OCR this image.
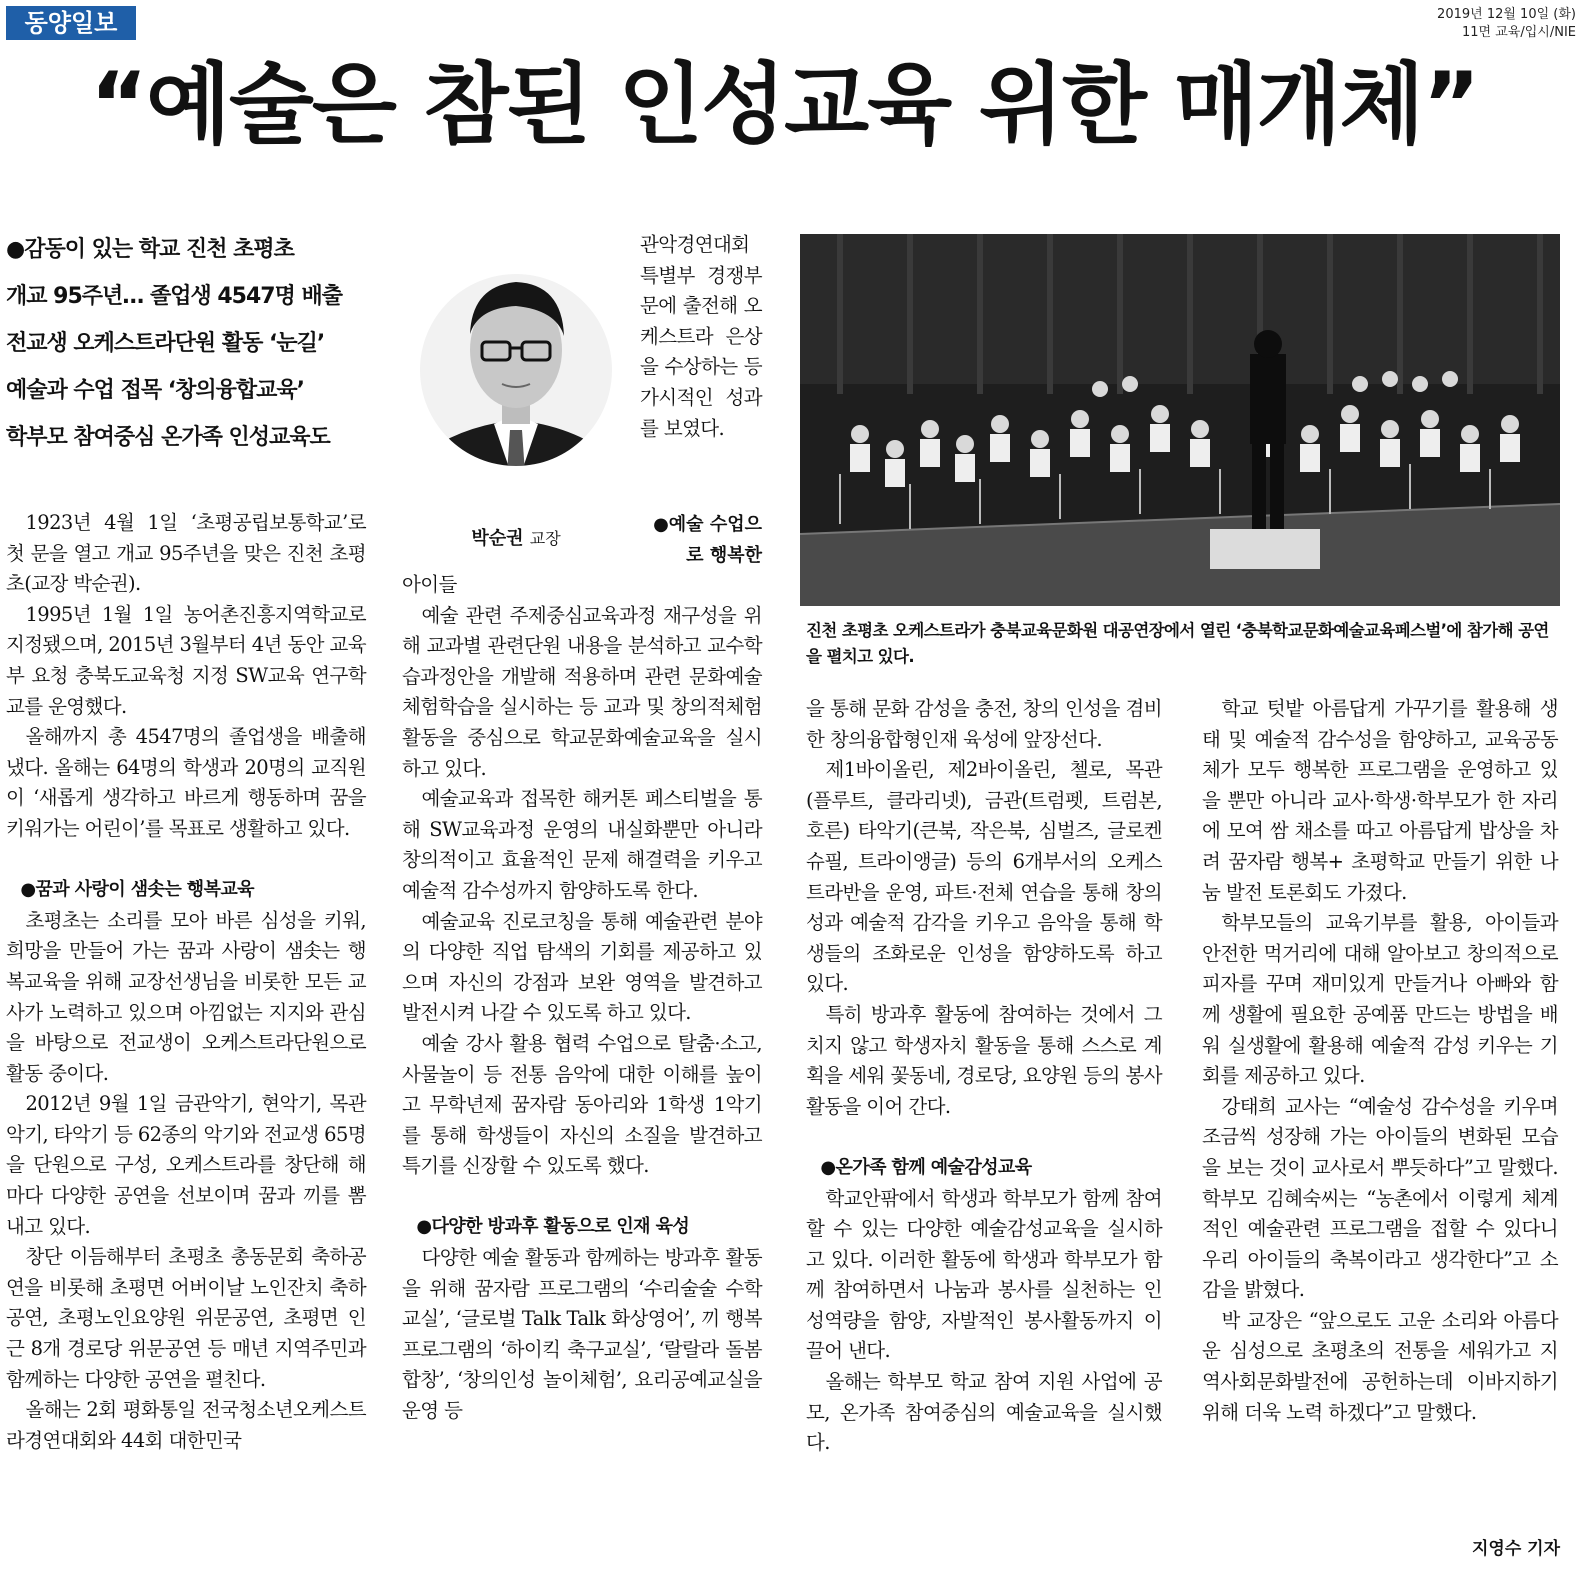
동양일보	2019년 12월 10일 (화)
11면 교육/입시/NIE
“예술은 참된 인성교육 위한 매개체”
●감동이 있는 학교 진천 초평초
개교 95주년… 졸업생 4547명 배출
전교생 오케스트라단원 활동 ‘눈길’
예술과 수업 접목 ‘창의융합교육’
학부모 참여중심 온가족 인성교육도
박순권 교장
관악경연대회 특별부 경쟁부문에 출전해 오케스트라 은상을 수상하는 등 가시적인 성과를 보였다.
●예술 수업으로 행복한
진천 초평초 오케스트라가 충북교육문화원 대공연장에서 열린 ‘충북학교문화예술교육페스벌’에 참가해 공연을 펼치고 있다.

1923년 4월 1일 ‘초평공립보통학교’로 첫 문을 열고 개교 95주년을 맞은 진천 초평초(교장 박순권).

1995년 1월 1일 농어촌진흥지역학교로 지정됐으며, 2015년 3월부터 4년 동안 교육부 요청 충북도교육청 지정 SW교육 연구학교를 운영했다.

올해까지 총 4547명의 졸업생을 배출해 냈다. 올해는 64명의 학생과 20명의 교직원이 ‘새롭게 생각하고 바르게 행동하며 꿈을 키워가는 어린이’를 목표로 생활하고 있다.

●꿈과 사랑이 샘솟는 행복교육

초평초는 소리를 모아 바른 심성을 키워, 희망을 만들어 가는 꿈과 사랑이 샘솟는 행복교육을 위해 교장선생님을 비롯한 모든 교사가 노력하고 있으며 아낌없는 지지와 관심을 바탕으로 전교생이 오케스트라단원으로 활동 중이다.

2012년 9월 1일 금관악기, 현악기, 목관악기, 타악기 등 62종의 악기와 전교생 65명을 단원으로 구성, 오케스트라를 창단해 해마다 다양한 공연을 선보이며 꿈과 끼를 뽐내고 있다.

창단 이듬해부터 초평초 총동문회 축하공연을 비롯해 초평면 어버이날 노인잔치 축하공연, 초평노인요양원 위문공연, 초평면 인근 8개 경로당 위문공연 등 매년 지역주민과 함께하는 다양한 공연을 펼친다.

올해는 2회 평화통일 전국청소년오케스트라경연대회와 44회 대한민국

아이들

예술 관련 주제중심교육과정 재구성을 위해 교과별 관련단원 내용을 분석하고 교수학습과정안을 개발해 적용하며 관련 문화예술 체험학습을 실시하는 등 교과 및 창의적체험활동을 중심으로 학교문화예술교육을 실시하고 있다.

예술교육과 접목한 해커톤 페스티벌을 통해 SW교육과정 운영의 내실화뿐만 아니라 창의적이고 효율적인 문제 해결력을 키우고 예술적 감수성까지 함양하도록 한다.

예술교육 진로코칭을 통해 예술관련 분야의 다양한 직업 탐색의 기회를 제공하고 있으며 자신의 강점과 보완 영역을 발견하고 발전시켜 나갈 수 있도록 하고 있다.

예술 강사 활용 협력 수업으로 탈춤·소고, 사물놀이 등 전통 음악에 대한 이해를 높이고 무학년제 꿈자람 동아리와 1학생 1악기를 통해 학생들이 자신의 소질을 발견하고 특기를 신장할 수 있도록 했다.

●다양한 방과후 활동으로 인재 육성

다양한 예술 활동과 함께하는 방과후 활동을 위해 꿈자람 프로그램의 ‘수리술술 수학교실’, ‘글로벌 Talk Talk 화상영어’, 끼 행복프로그램의 ‘하이킥 축구교실’, ‘랄랄라 돌봄 합창’, ‘창의인성 놀이체험’, 요리공예교실을 운영 등

을 통해 문화 감성을 충전, 창의 인성을 겸비한 창의융합형인재 육성에 앞장선다.

제1바이올린, 제2바이올린, 첼로, 목관(플루트, 클라리넷), 금관(트럼펫, 트럼본, 호른) 타악기(큰북, 작은북, 심벌즈, 글로켄슈필, 트라이앵글) 등의 6개부서의 오케스트라반을 운영, 파트·전체 연습을 통해 창의성과 예술적 감각을 키우고 음악을 통해 학생들의 조화로운 인성을 함양하도록 하고 있다.

특히 방과후 활동에 참여하는 것에서 그치지 않고 학생자치 활동을 통해 스스로 계획을 세워 꽃동네, 경로당, 요양원 등의 봉사활동을 이어 간다.

●온가족 함께 예술감성교육

학교안팎에서 학생과 학부모가 함께 참여할 수 있는 다양한 예술감성교육을 실시하고 있다. 이러한 활동에 학생과 학부모가 함께 참여하면서 나눔과 봉사를 실천하는 인성역량을 함양, 자발적인 봉사활동까지 이끌어 낸다.

올해는 학부모 학교 참여 지원 사업에 공모, 온가족 참여중심의 예술교육을 실시했다.

학교 텃밭 아름답게 가꾸기를 활용해 생태 및 예술적 감수성을 함양하고, 교육공동체가 모두 행복한 프로그램을 운영하고 있을 뿐만 아니라 교사·학생·학부모가 한 자리에 모여 쌈 채소를 따고 아름답게 밥상을 차려 꿈자람 행복+ 초평학교 만들기 위한 나눔 발전 토론회도 가졌다.

학부모들의 교육기부를 활용, 아이들과 안전한 먹거리에 대해 알아보고 창의적으로 피자를 꾸며 재미있게 만들거나 아빠와 함께 생활에 필요한 공예품 만드는 방법을 배워 실생활에 활용해 예술적 감성 키우는 기회를 제공하고 있다.

강태희 교사는 “예술성 감수성을 키우며 조금씩 성장해 가는 아이들의 변화된 모습을 보는 것이 교사로서 뿌듯하다”고 말했다. 학부모 김혜숙씨는 “농촌에서 이렇게 체계적인 예술관련 프로그램을 접할 수 있다니 우리 아이들의 축복이라고 생각한다”고 소감을 밝혔다.

박 교장은 “앞으로도 고운 소리와 아름다운 심성으로 초평초의 전통을 세워가고 지역사회문화발전에 공헌하는데 이바지하기 위해 더욱 노력 하겠다”고 말했다.

지영수 기자
